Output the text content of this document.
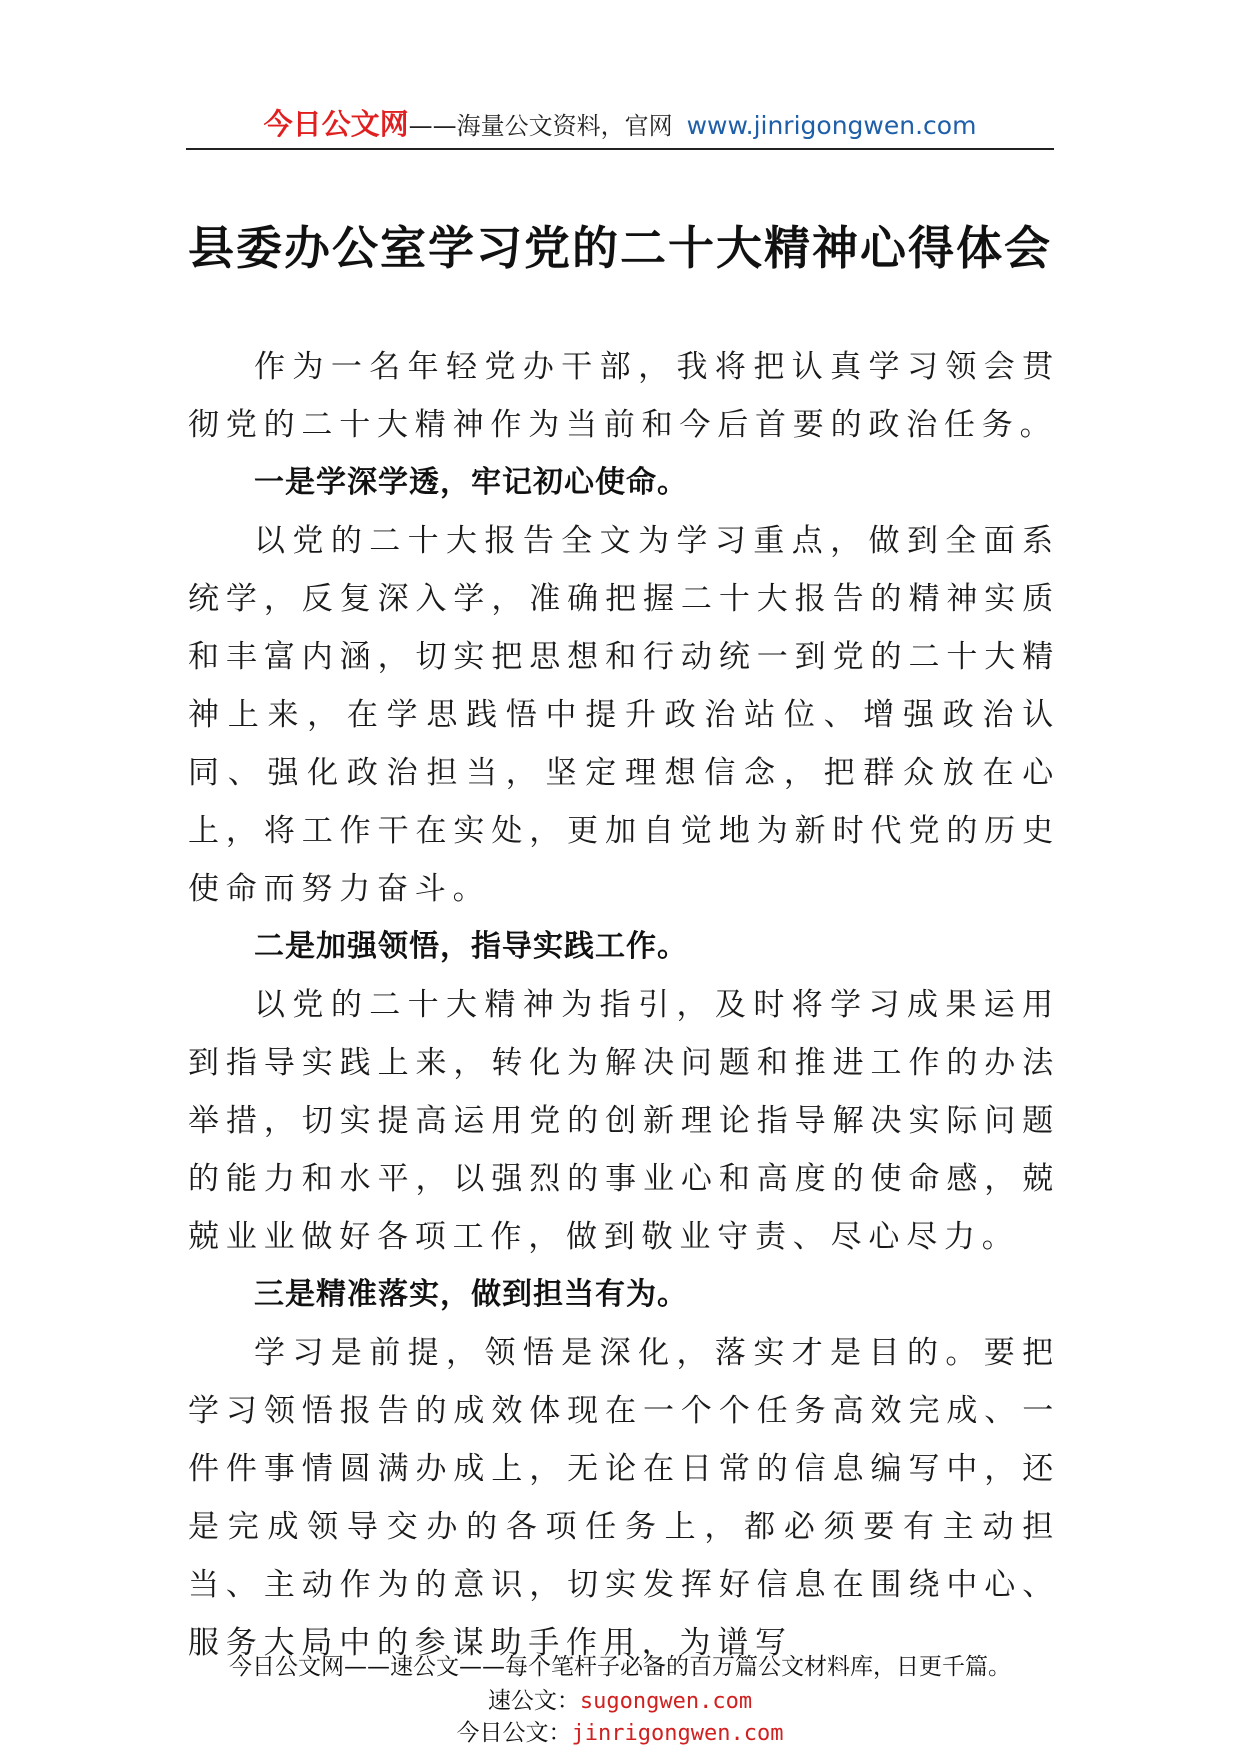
今日公文网——海量公文资料，官网 www.jinrigongwen.com
县委办公室学习党的二十大精神心得体会

作为一名年轻党办干部，我将把认真学习领会贯彻党的二十大精神作为当前和今后首要的政治任务。

一是学深学透，牢记初心使命。

以党的二十大报告全文为学习重点，做到全面系统学，反复深入学，准确把握二十大报告的精神实质和丰富内涵，切实把思想和行动统一到党的二十大精神上来，在学思践悟中提升政治站位、增强政治认同、强化政治担当，坚定理想信念，把群众放在心上，将工作干在实处，更加自觉地为新时代党的历史使命而努力奋斗。

二是加强领悟，指导实践工作。

以党的二十大精神为指引，及时将学习成果运用到指导实践上来，转化为解决问题和推进工作的办法举措，切实提高运用党的创新理论指导解决实际问题的能力和水平，以强烈的事业心和高度的使命感，兢兢业业做好各项工作，做到敬业守责、尽心尽力。

三是精准落实，做到担当有为。

学习是前提，领悟是深化，落实才是目的。要把学习领悟报告的成效体现在一个个任务高效完成、一件件事情圆满办成上，无论在日常的信息编写中，还是完成领导交办的各项任务上，都必须要有主动担当、主动作为的意识，切实发挥好信息在围绕中心、服务大局中的参谋助手作用，为谱写

今日公文网——速公文——每个笔杆子必备的百万篇公文材料库，日更千篇。
速公文：sugongwen.com
今日公文：jinrigongwen.com
